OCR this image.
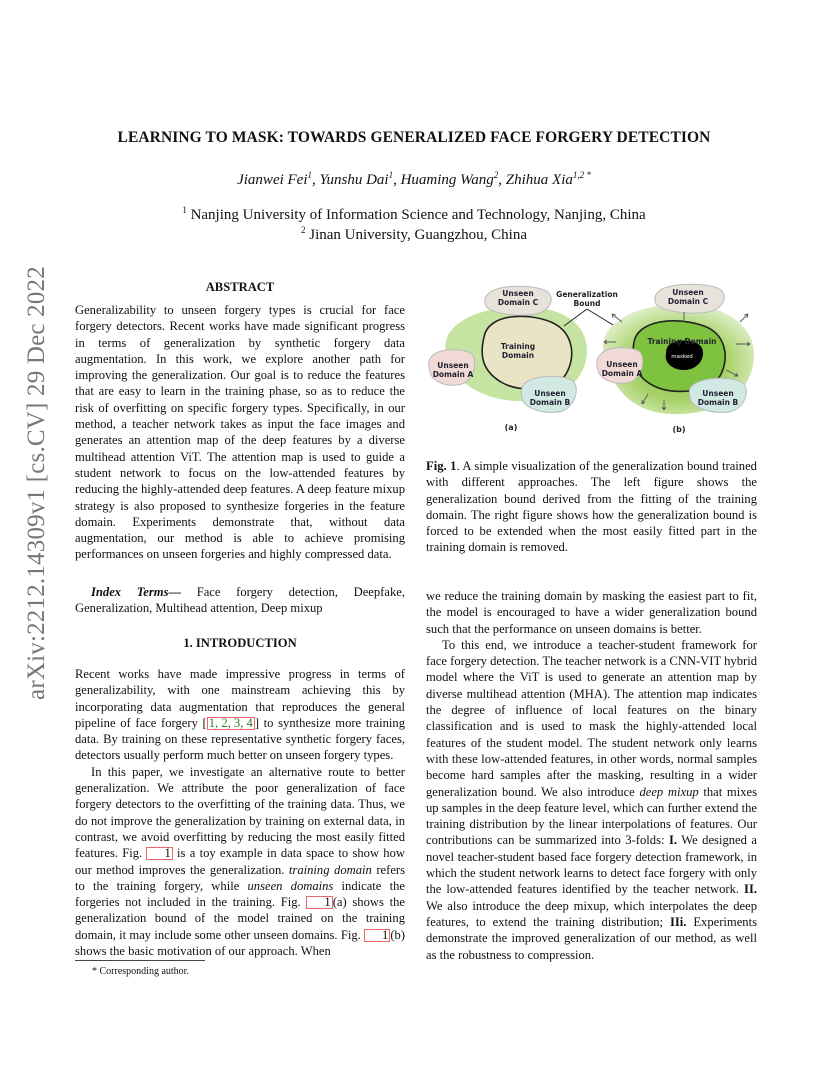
LEARNING TO MASK: TOWARDS GENERALIZED FACE FORGERY DETECTION
Jianwei Fei$^1$, Yunshu Dai$^1$, Huaming Wang$^2$, Zhihua Xia$^{1,2 *}$
$^1$ Nanjing University of Information Science and Technology, Nanjing, China
$^2$ Jinan University, Guangzhou, China
arXiv:2212.14309v1 [cs.CV] 29 Dec 2022	ABSTRACT
Generalizability to unseen forgery types is crucial for face forgery detectors. Recent works have made significant progress in terms of generalization by synthetic forgery data augmentation. In this work, we explore another path for improving the generalization. Our goal is to reduce the features that are easy to learn in the training phase, so as to reduce the risk of overfitting on specific forgery types. Specifically, in our method, a teacher network takes as input the face images and generates an attention map of the deep features by a diverse multihead attention ViT. The attention map is used to guide a student network to focus on the low-attended features by reducing the highly-attended deep features. A deep feature mixup strategy is also proposed to synthesize forgeries in the feature domain. Experiments demonstrate that, without data augmentation, our method is able to achieve promising performances on unseen forgeries and highly compressed data.

Index Terms— Face forgery detection, Deepfake, Generalization, Multihead attention, Deep mixup

1. INTRODUCTION

Recent works have made impressive progress in terms of generalizability, with one mainstream achieving this by incorporating data augmentation that reproduces the general pipeline of face forgery [ 1, 2, 3, 4 ] to synthesize more training data. By training on these representative synthetic forgery faces, detectors usually perform much better on unseen forgery types.

In this paper, we investigate an alternative route to better generalization. We attribute the poor generalization of face forgery detectors to the overfitting of the training data. Thus, we do not improve the generalization by training on external data, in contrast, we avoid overfitting by reducing the most easily fitted features. Fig. 1 is a toy example in data space to show how our method improves the generalization. training domain refers to the training forgery, while unseen domains indicate the forgeries not included in the training. Fig. 1 (a) shows the generalization bound of the model trained on the training domain, it may include some other unseen domains. Fig. 1 (b) shows the basic motivation of our approach. When

* Corresponding author.
Unseen
Domain C
Training
Domain
Unseen
Domain A
Unseen
Domain B
(a)
Generalization
Bound
Unseen
Domain C
Training Domain
masked
Unseen
Domain A
Unseen
Domain B
(b)
Fig. 1. A simple visualization of the generalization bound trained with different approaches. The left figure shows the generalization bound derived from the fitting of the training domain. The right figure shows how the generalization bound is forced to be extended when the most easily fitted part in the training domain is removed.

we reduce the training domain by masking the easiest part to fit, the model is encouraged to have a wider generalization bound such that the performance on unseen domains is better.

To this end, we introduce a teacher-student framework for face forgery detection. The teacher network is a CNN-VIT hybrid model where the ViT is used to generate an attention map by diverse multihead attention (MHA). The attention map indicates the degree of influence of local features on the binary classification and is used to mask the highly-attended local features of the student model. The student network only learns with these low-attended features, in other words, normal samples become hard samples after the masking, resulting in a wider generalization bound. We also introduce deep mixup that mixes up samples in the deep feature level, which can further extend the training distribution by the linear interpolations of features. Our contributions can be summarized into 3-folds: I. We designed a novel teacher-student based face forgery detection framework, in which the student network learns to detect face forgery with only the low-attended features identified by the teacher network. II. We also introduce the deep mixup, which interpolates the deep features, to extend the training distribution; IIi. Experiments demonstrate the improved generalization of our method, as well as the robustness to compression.
